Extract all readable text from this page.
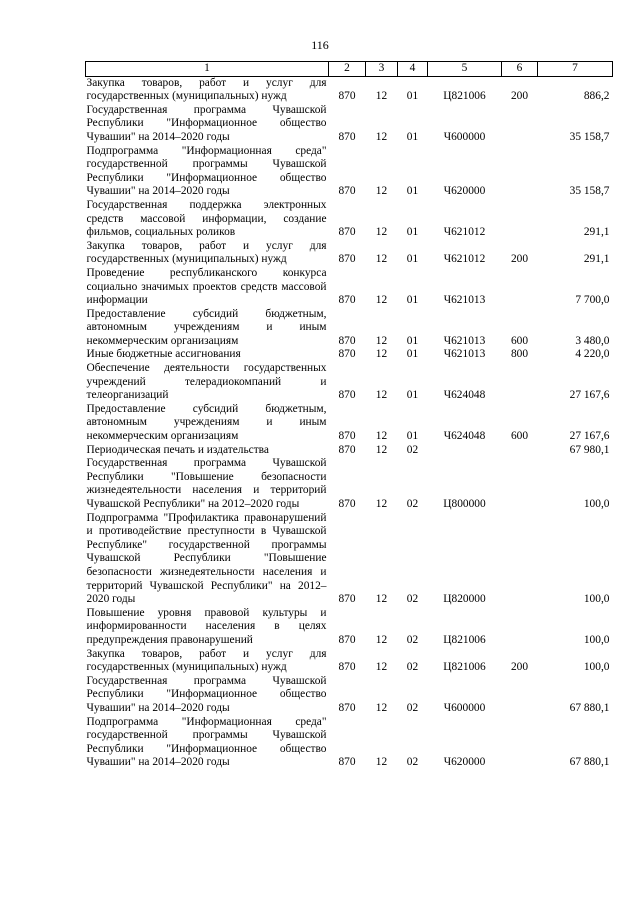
116
1	2	3	4	5	6	7
Закупка товаров, работ и услуг для государственных (муниципальных) нужд	870	12	01	Ц821006	200	886,2
Государственная программа Чувашской Республики "Информационное общество Чувашии" на 2014–2020 годы	870	12	01	Ч600000		35 158,7
Подпрограмма "Информационная среда" государственной программы Чувашской Республики "Информационное общество Чувашии" на 2014–2020 годы	870	12	01	Ч620000		35 158,7
Государственная поддержка электронных средств массовой информации, создание фильмов, социальных роликов	870	12	01	Ч621012		291,1
Закупка товаров, работ и услуг для государственных (муниципальных) нужд	870	12	01	Ч621012	200	291,1
Проведение республиканского конкурса социально значимых проектов средств массовой информации	870	12	01	Ч621013		7 700,0
Предоставление субсидий бюджетным, автономным учреждениям и иным некоммерческим организациям	870	12	01	Ч621013	600	3 480,0
Иные бюджетные ассигнования	870	12	01	Ч621013	800	4 220,0
Обеспечение деятельности государственных учреждений телерадиокомпаний и телеорганизаций	870	12	01	Ч624048		27 167,6
Предоставление субсидий бюджетным, автономным учреждениям и иным некоммерческим организациям	870	12	01	Ч624048	600	27 167,6
Периодическая печать и издательства	870	12	02			67 980,1
Государственная программа Чувашской Республики "Повышение безопасности жизнедеятельности населения и территорий Чувашской Республики" на 2012–2020 годы	870	12	02	Ц800000		100,0
Подпрограмма "Профилактика правонарушений и противодействие преступности в Чувашской Республике" государственной программы Чувашской Республики "Повышение безопасности жизнедеятельности населения и территорий Чувашской Республики" на 2012–2020 годы	870	12	02	Ц820000		100,0
Повышение уровня правовой культуры и информированности населения в целях предупреждения правонарушений	870	12	02	Ц821006		100,0
Закупка товаров, работ и услуг для государственных (муниципальных) нужд	870	12	02	Ц821006	200	100,0
Государственная программа Чувашской Республики "Информационное общество Чувашии" на 2014–2020 годы	870	12	02	Ч600000		67 880,1
Подпрограмма "Информационная среда" государственной программы Чувашской Республики "Информационное общество Чувашии" на 2014–2020 годы	870	12	02	Ч620000		67 880,1
